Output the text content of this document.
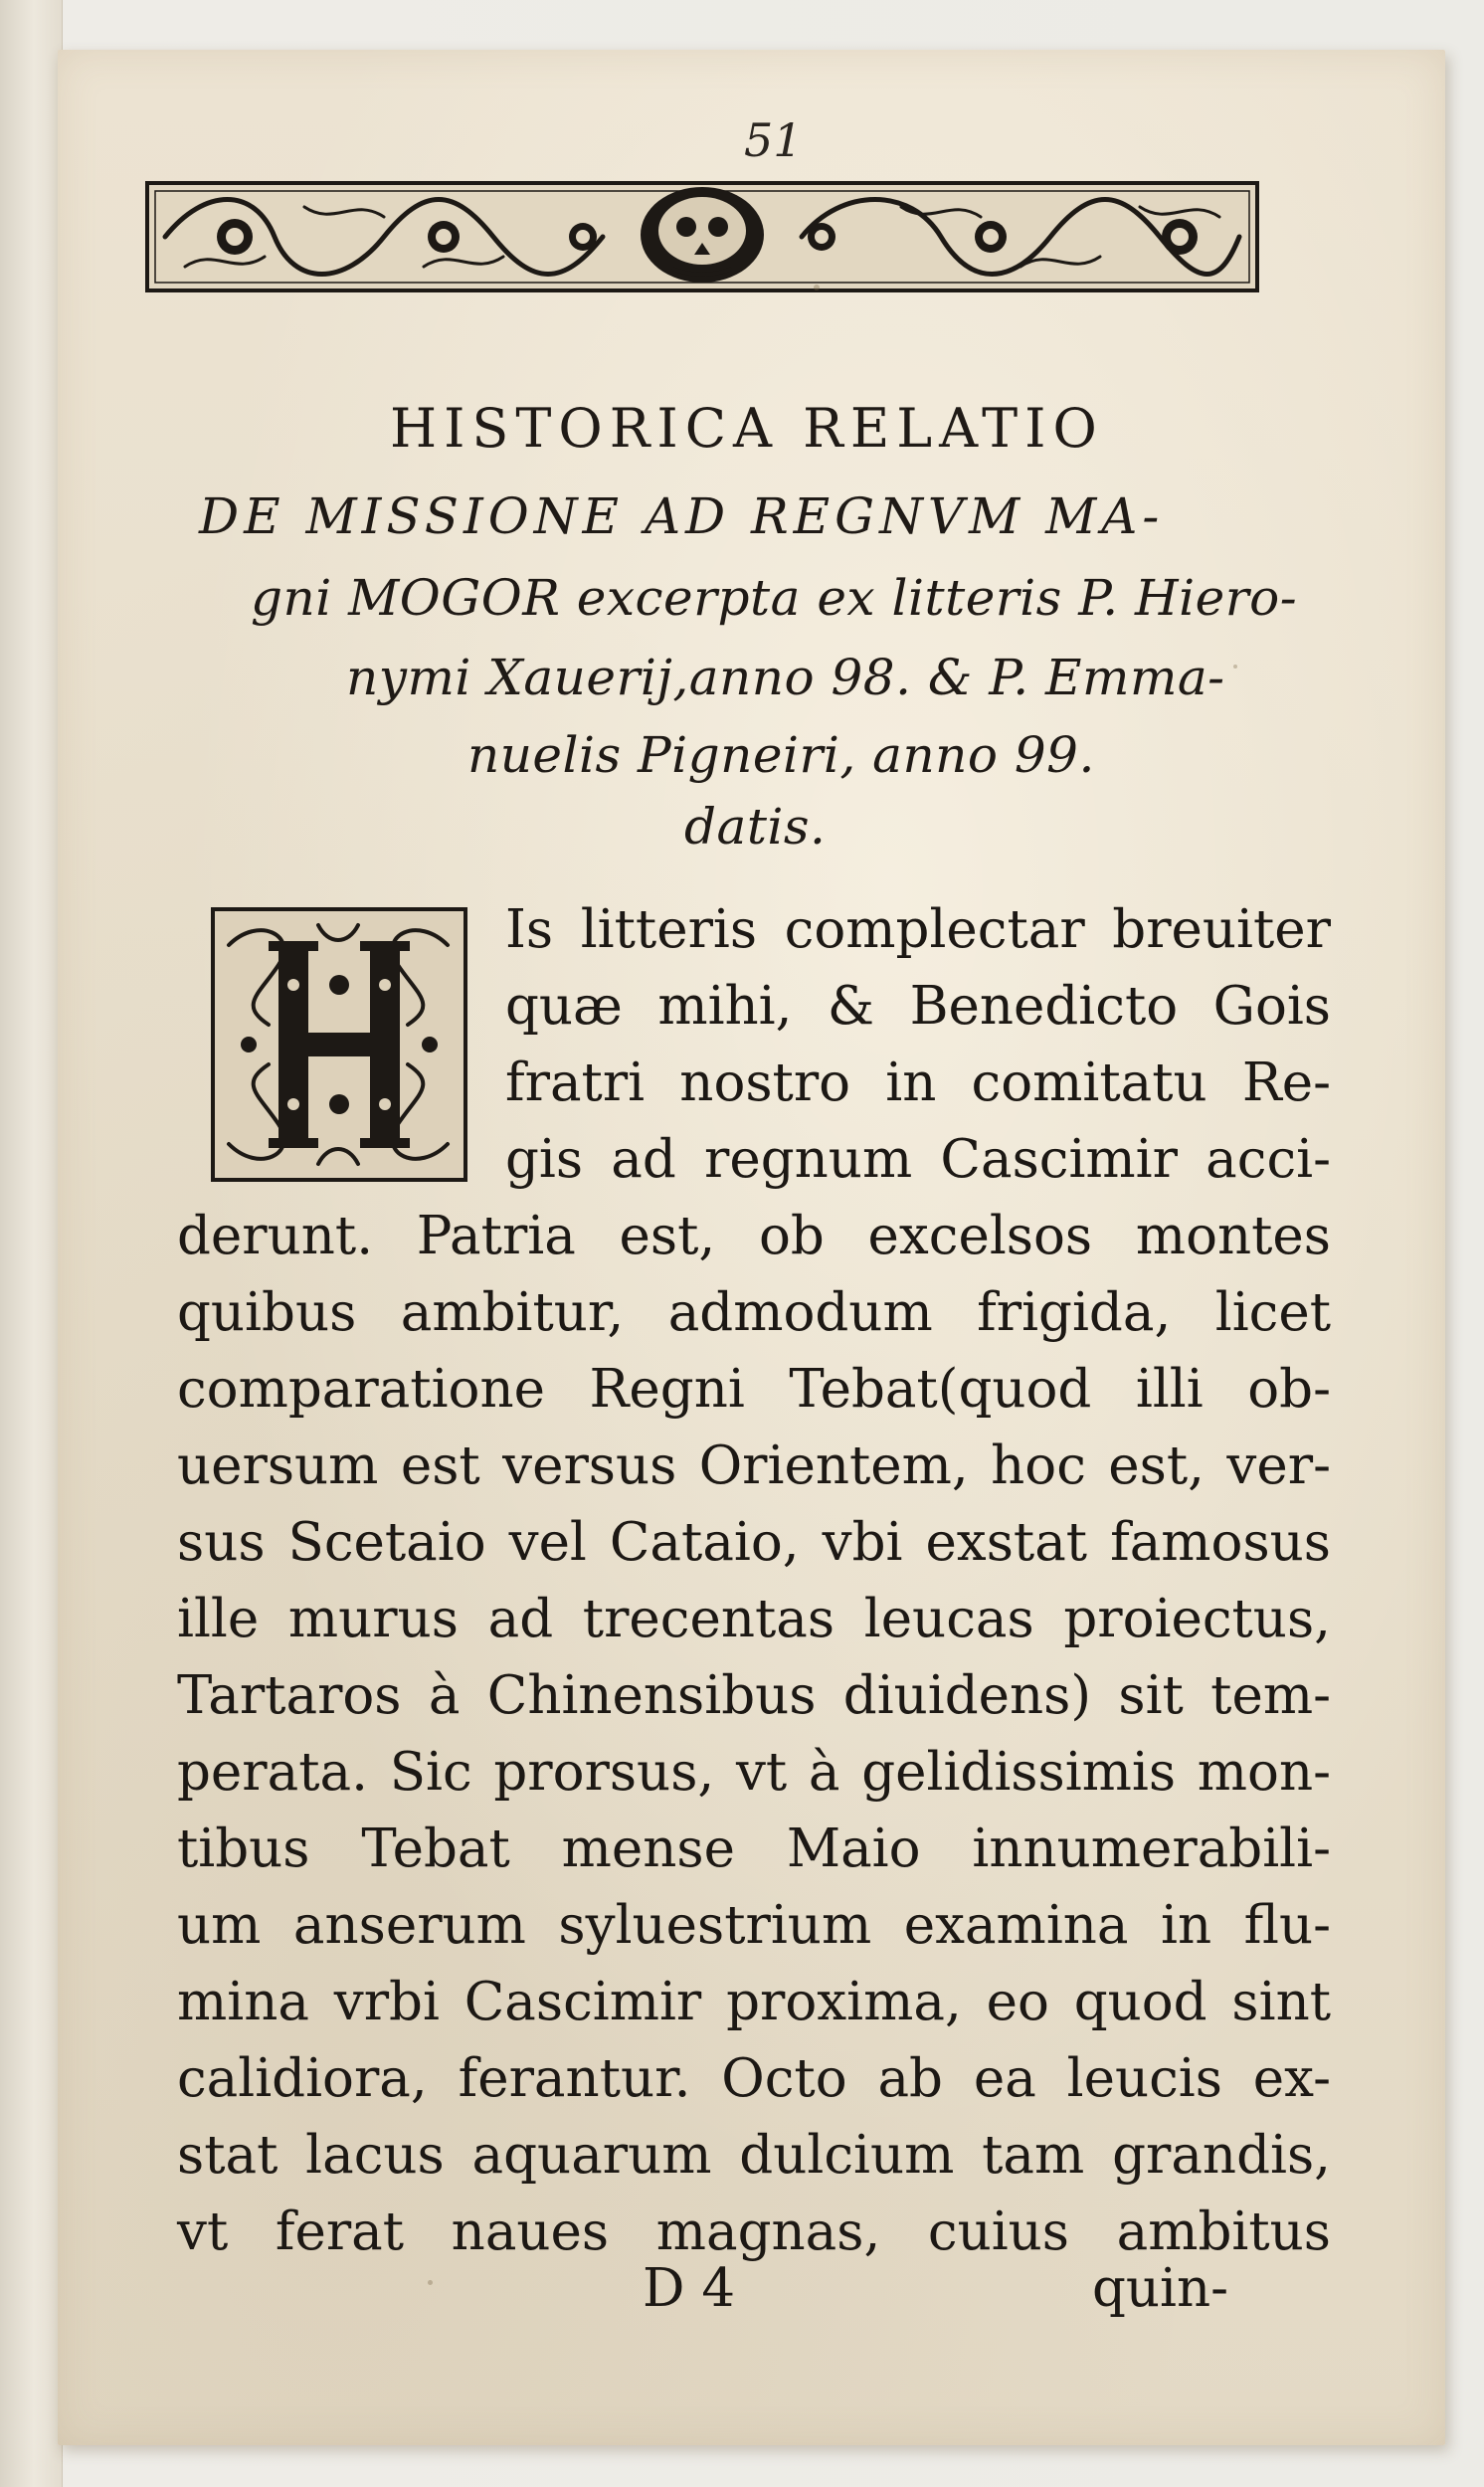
51
HISTORICA RELATIO
DE MISSIONE AD REGNVM MA-
gni MOGOR excerpta ex litteris P. Hiero-
nymi Xauerij,anno 98. & P. Emma-
nuelis Pigneiri, anno 99.
datis.
Is litteris complectar breuiter
quæ mihi, & Benedicto Gois
fratri nostro in comitatu Re-
gis ad regnum Cascimir acci-
derunt. Patria est, ob excelsos montes
quibus ambitur, admodum frigida, licet
comparatione Regni Tebat(quod illi ob-
uersum est versus Orientem, hoc est, ver-
sus Scetaio vel Cataio, vbi exstat famosus
ille murus ad trecentas leucas proiectus,
Tartaros à Chinensibus diuidens) sit tem-
perata. Sic prorsus, vt à gelidissimis mon-
tibus Tebat mense Maio innumerabili-
um anserum syluestrium examina in flu-
mina vrbi Cascimir proxima, eo quod sint
calidiora, ferantur. Octo ab ea leucis ex-
stat lacus aquarum dulcium tam grandis,
vt ferat naues magnas, cuius ambitus
D 4	quin-
